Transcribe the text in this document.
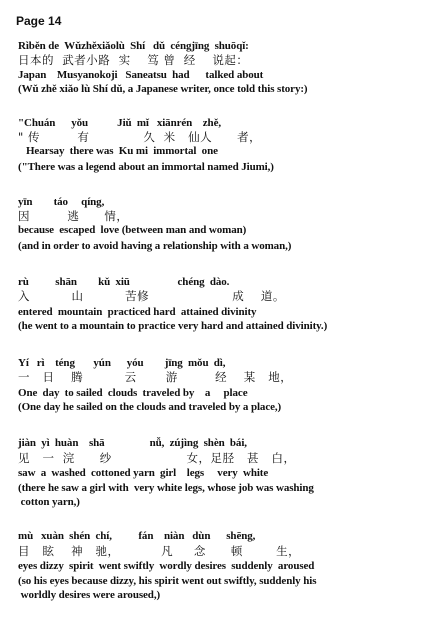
Page 14
Rìběn de  Wǔzhěxiǎolù  Shí   dǔ  céngjīng  shuōqǐ:
日本的  武者小路  实    笃 曾  经    说起：
Japan    Musyanokoji   Saneatsu  had      talked about
(Wǔ zhě xiǎo lù Shí dǔ, a Japanese writer, once told this story:)
"Chuán      yǒu           Jiǔ  mǐ   xiānrén    zhě,
" 传         有             久  米   仙人      者，
Hearsay  there was  Ku mi  immortal  one
("There was a legend about an immortal named Jiumi,)
yīn        táo     qíng,
因         逃      情，
because  escaped  love (between man and woman)
(and in order to avoid having a relationship with a woman,)
rù          shān        kǔ  xiū                  chéng  dào.
入          山          苦修                    成    道。
entered  mountain  practiced hard  attained divinity
(he went to a mountain to practice very hard and attained divinity.)
Yí   rì    téng       yún      yóu        jīng  mǒu  dì,
一   日    腾          云       游         经    某   地，
One  day  to sailed  clouds  traveled by    a     place
(One day he sailed on the clouds and traveled by a place,)
jiàn  yì  huàn    shā                 nǚ,  zújìng  shèn  bái,
见   一  浣      纱                  女，足胫   甚   白，
saw  a  washed  cottoned yarn  girl    legs     very  white
(there he saw a girl with  very white legs, whose job was washing
cotton yarn,)
mù   xuàn  shén  chí,          fán    niàn   dùn      shēng,
目   眩    神   驰，          凡     念      顿        生，
eyes dizzy  spirit  went swiftly  wordly desires  suddenly  aroused
(so his eyes because dizzy, his spirit went out swiftly, suddenly his
worldly desires were aroused,)
